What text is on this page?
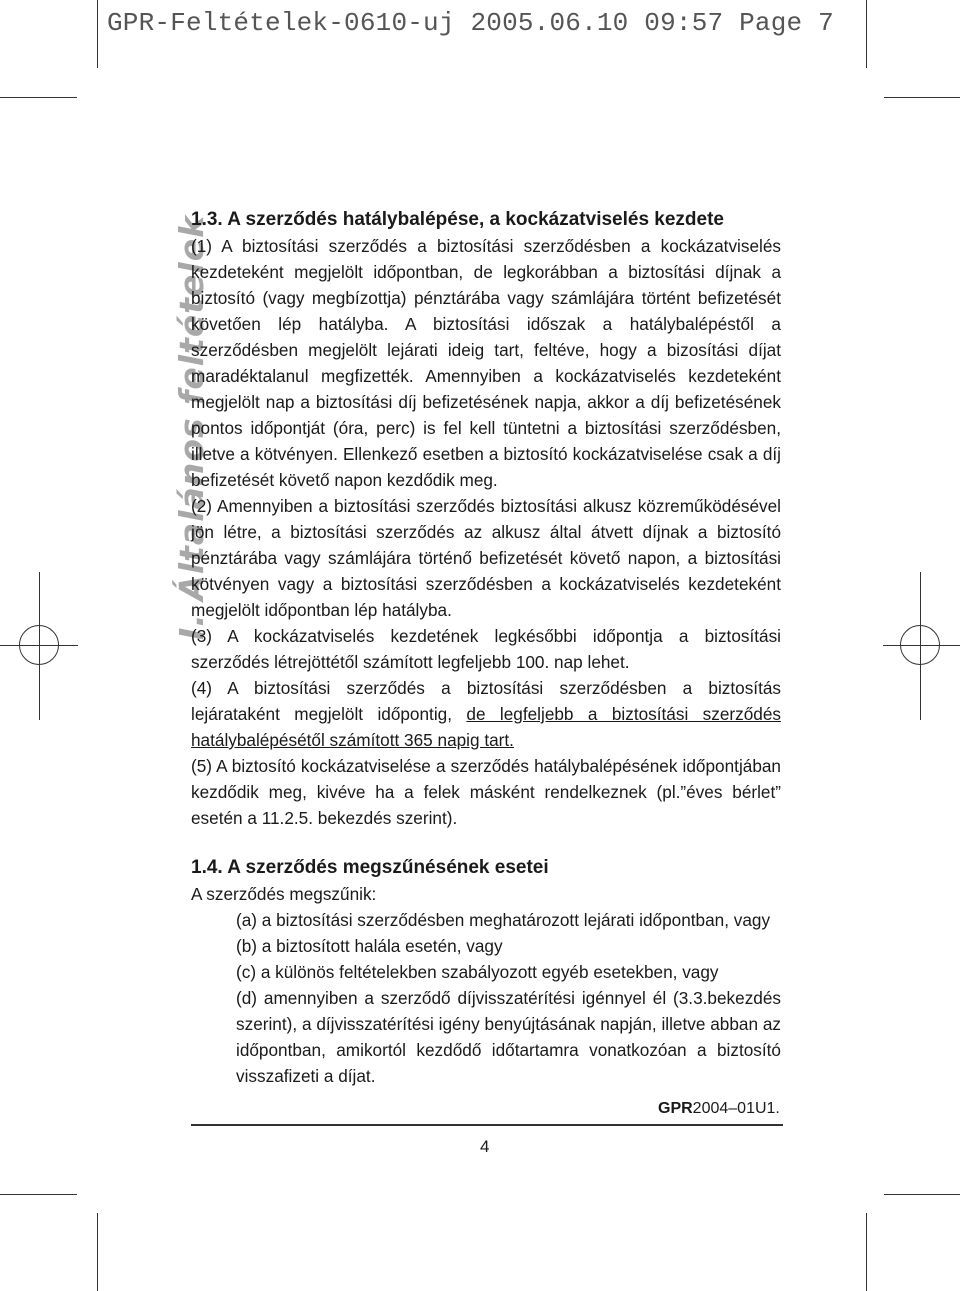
GPR-Feltételek-0610-uj 2005.06.10 09:57 Page 7
I. Általános feltételek

1.3. A szerződés hatálybalépése, a kockázatviselés kezdete

(1) A biztosítási szerződés a biztosítási szerződésben a kockázatviselés kezdeteként megjelölt időpontban, de legkorábban a biztosítási díjnak a biztosító (vagy megbízottja) pénztárába vagy számlájára történt befizetését követően lép hatályba. A biztosítási időszak a hatálybalépéstől a szerződésben megjelölt lejárati ideig tart, feltéve, hogy a bizosítási díjat maradéktalanul megfizették. Amennyiben a kockázatviselés kezdeteként megjelölt nap a biztosítási díj befizetésének napja, akkor a díj befizetésének pontos időpontját (óra, perc) is fel kell tüntetni a biztosítási szerződésben, illetve a kötvényen. Ellenkező esetben a biztosító kockázatviselése csak a díj befizetését követő napon kezdődik meg.

(2) Amennyiben a biztosítási szerződés biztosítási alkusz közreműködésével jön létre, a biztosítási szerződés az alkusz által átvett díjnak a biztosító pénztárába vagy számlájára történő befizetését követő napon, a biztosítási kötvényen vagy a biztosítási szerződésben a kockázatviselés kezdeteként megjelölt időpontban lép hatályba.

(3) A kockázatviselés kezdetének legkésőbbi időpontja a biztosítási szerződés létrejöttétől számított legfeljebb 100. nap lehet.

(4) A biztosítási szerződés a biztosítási szerződésben a biztosítás lejárataként megjelölt időpontig, de legfeljebb a biztosítási szerződés hatálybalépésétől számított 365 napig tart.

(5) A biztosító kockázatviselése a szerződés hatálybalépésének időpontjában kezdődik meg, kivéve ha a felek másként rendelkeznek (pl.”éves bérlet” esetén a 11.2.5. bekezdés szerint).

1.4. A szerződés megszűnésének esetei

A szerződés megszűnik:

(a) a biztosítási szerződésben meghatározott lejárati időpontban, vagy

(b) a biztosított halála esetén, vagy

(c) a különös feltételekben szabályozott egyéb esetekben, vagy

(d) amennyiben a szerződő díjvisszatérítési igénnyel él (3.3.bekezdés szerint), a díjvisszatérítési igény benyújtásának napján, illetve abban az időpontban, amikortól kezdődő időtartamra vonatkozóan a biztosító visszafizeti a díjat.

GPR2004–01U1.
4
